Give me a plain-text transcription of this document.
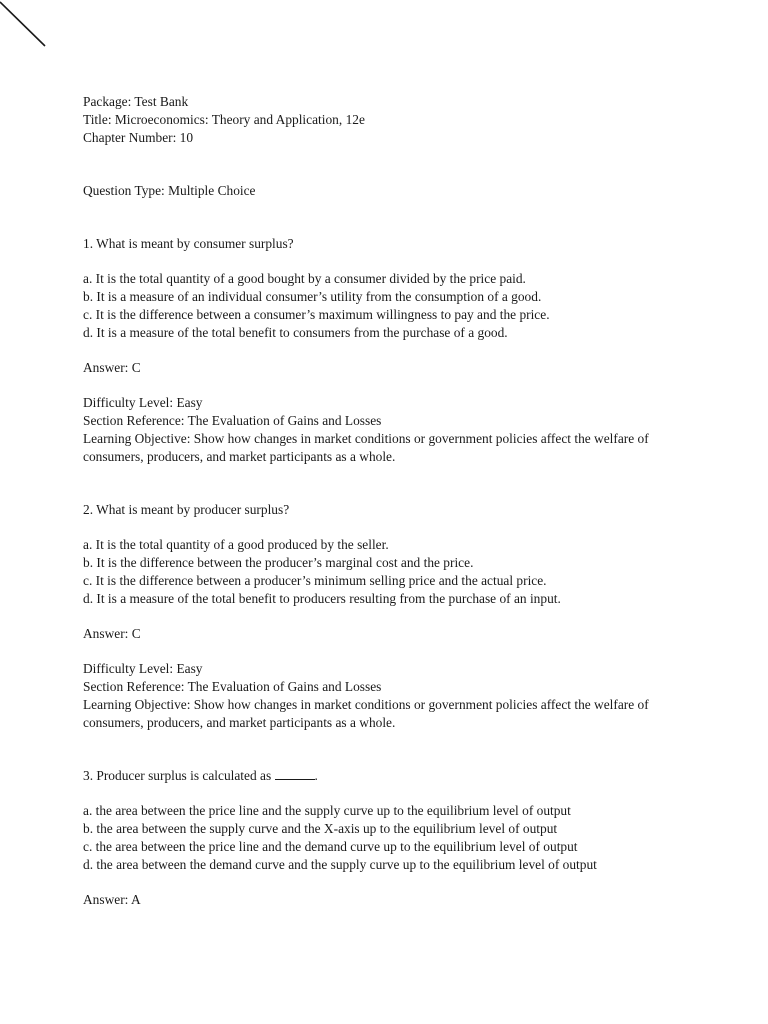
Package: Test Bank
Title: Microeconomics: Theory and Application, 12e
Chapter Number: 10
Question Type: Multiple Choice
1. What is meant by consumer surplus?
a. It is the total quantity of a good bought by a consumer divided by the price paid.
b. It is a measure of an individual consumer’s utility from the consumption of a good.
c. It is the difference between a consumer’s maximum willingness to pay and the price.
d. It is a measure of the total benefit to consumers from the purchase of a good.
Answer: C
Difficulty Level: Easy
Section Reference: The Evaluation of Gains and Losses
Learning Objective: Show how changes in market conditions or government policies affect the welfare of consumers, producers, and market participants as a whole.
2. What is meant by producer surplus?
a. It is the total quantity of a good produced by the seller.
b. It is the difference between the producer’s marginal cost and the price.
c. It is the difference between a producer’s minimum selling price and the actual price.
d. It is a measure of the total benefit to producers resulting from the purchase of an input.
Answer: C
Difficulty Level: Easy
Section Reference: The Evaluation of Gains and Losses
Learning Objective: Show how changes in market conditions or government policies affect the welfare of consumers, producers, and market participants as a whole.
3. Producer surplus is calculated as	.
a. the area between the price line and the supply curve up to the equilibrium level of output
b. the area between the supply curve and the X-axis up to the equilibrium level of output
c. the area between the price line and the demand curve up to the equilibrium level of output
d. the area between the demand curve and the supply curve up to the equilibrium level of output
Answer: A
